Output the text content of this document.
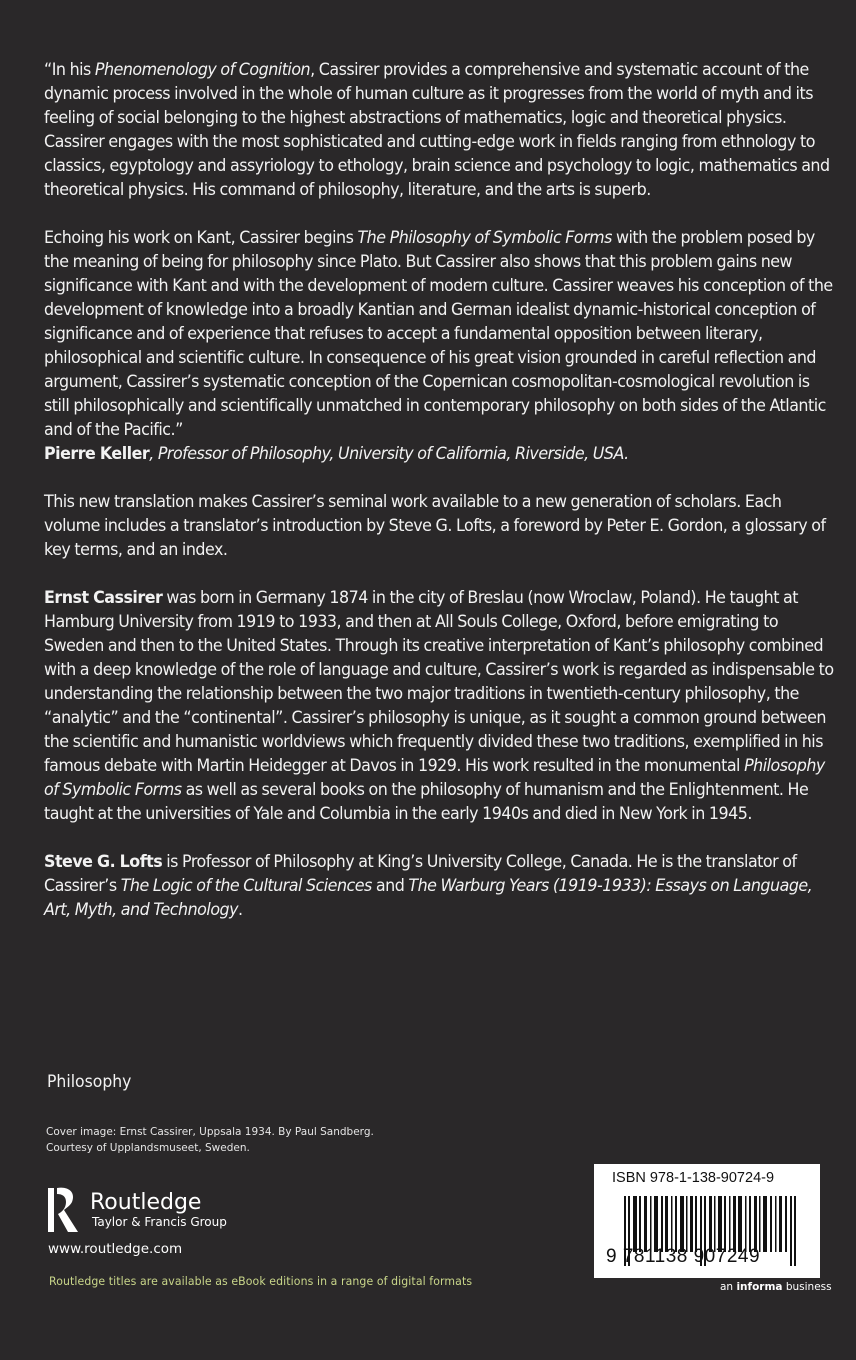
“In his Phenomenology of Cognition, Cassirer provides a comprehensive and systematic account of the dynamic process involved in the whole of human culture as it progresses from the world of myth and its feeling of social belonging to the highest abstractions of mathematics, logic and theoretical physics. Cassirer engages with the most sophisticated and cutting-edge work in fields ranging from ethnology to classics, egyptology and assyriology to ethology, brain science and psychology to logic, mathematics and theoretical physics. His command of philosophy, literature, and the arts is superb.

Echoing his work on Kant, Cassirer begins The Philosophy of Symbolic Forms with the problem posed by the meaning of being for philosophy since Plato. But Cassirer also shows that this problem gains new significance with Kant and with the development of modern culture. Cassirer weaves his conception of the development of knowledge into a broadly Kantian and German idealist dynamic-historical conception of significance and of experience that refuses to accept a fundamental opposition between literary, philosophical and scientific culture. In consequence of his great vision grounded in careful reflection and argument, Cassirer’s systematic conception of the Copernican cosmopolitan-cosmological revolution is still philosophically and scientifically unmatched in contemporary philosophy on both sides of the Atlantic and of the Pacific.”
Pierre Keller, Professor of Philosophy, University of California, Riverside, USA.

This new translation makes Cassirer’s seminal work available to a new generation of scholars. Each volume includes a translator’s introduction by Steve G. Lofts, a foreword by Peter E. Gordon, a glossary of key terms, and an index.

Ernst Cassirer was born in Germany 1874 in the city of Breslau (now Wroclaw, Poland). He taught at Hamburg University from 1919 to 1933, and then at All Souls College, Oxford, before emigrating to Sweden and then to the United States. Through its creative interpretation of Kant’s philosophy combined with a deep knowledge of the role of language and culture, Cassirer’s work is regarded as indispensable to understanding the relationship between the two major traditions in twentieth-century philosophy, the “analytic” and the “continental”. Cassirer’s philosophy is unique, as it sought a common ground between the scientific and humanistic worldviews which frequently divided these two traditions, exemplified in his famous debate with Martin Heidegger at Davos in 1929. His work resulted in the monumental Philosophy of Symbolic Forms as well as several books on the philosophy of humanism and the Enlightenment. He taught at the universities of Yale and Columbia in the early 1940s and died in New York in 1945.

Steve G. Lofts is Professor of Philosophy at King’s University College, Canada. He is the translator of Cassirer’s The Logic of the Cultural Sciences and The Warburg Years (1919-1933): Essays on Language, Art, Myth, and Technology.

Philosophy
Cover image: Ernst Cassirer, Uppsala 1934. By Paul Sandberg.
Courtesy of Upplandsmuseet, Sweden.
Routledge
Taylor & Francis Group
www.routledge.com
Routledge titles are available as eBook editions in a range of digital formats
ISBN 978-1-138-90724-9
9 781138 907249
an informa business
